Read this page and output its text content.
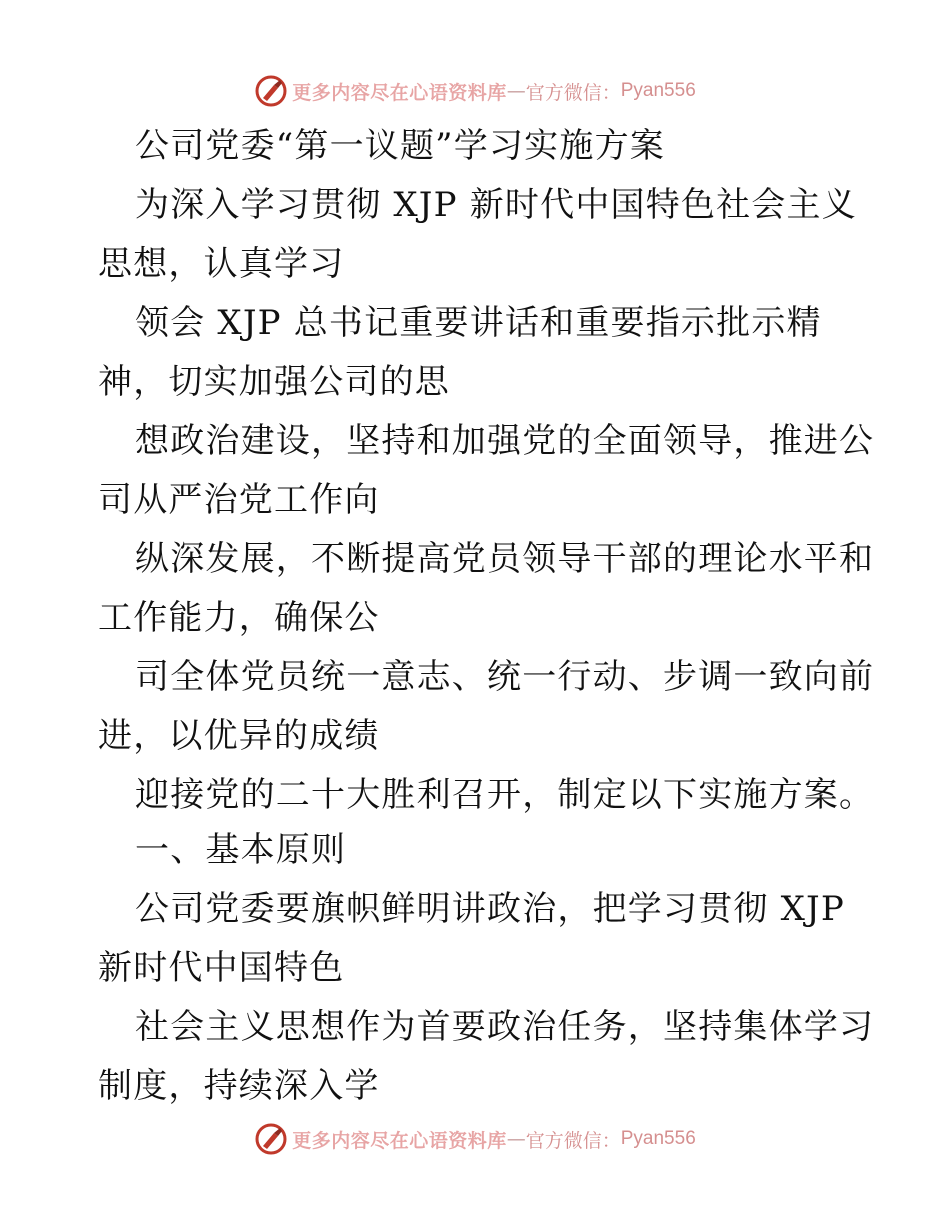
更多内容尽在心语资料库 — 官方微信： Pyan556
公司党委“第一议题”学习实施方案
为深入学习贯彻 XJP 新时代中国特色社会主义
思想，认真学习
领会 XJP 总书记重要讲话和重要指示批示精
神，切实加强公司的思
想政治建设，坚持和加强党的全面领导，推进公
司从严治党工作向
纵深发展，不断提高党员领导干部的理论水平和
工作能力，确保公
司全体党员统一意志、统一行动、步调一致向前
进，以优异的成绩
迎接党的二十大胜利召开，制定以下实施方案。
一、基本原则
公司党委要旗帜鲜明讲政治，把学习贯彻 XJP
新时代中国特色
社会主义思想作为首要政治任务，坚持集体学习
制度，持续深入学
更多内容尽在心语资料库 — 官方微信： Pyan556
